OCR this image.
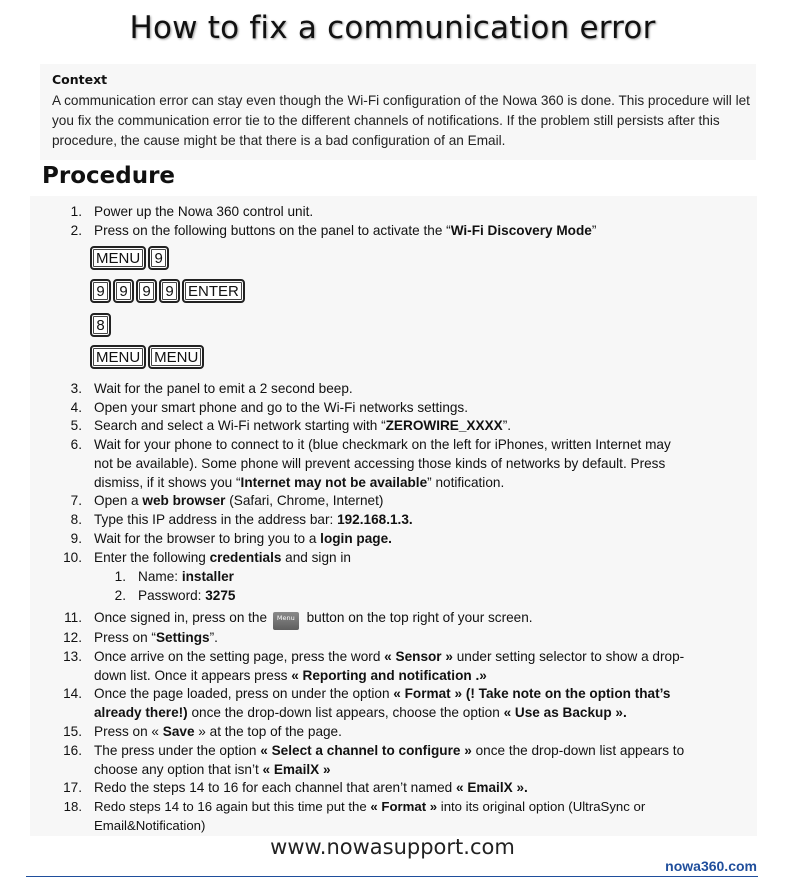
How to fix a communication error
Context
A communication error can stay even though the Wi-Fi configuration of the Nowa 360 is done. This procedure will let you fix the communication error tie to the different channels of notifications. If the problem still persists after this procedure, the cause might be that there is a bad configuration of an Email.
Procedure
1. Power up the Nowa 360 control unit.
2. Press on the following buttons on the panel to activate the “Wi-Fi Discovery Mode”
MENU 9
9 9 9 9 ENTER
8
MENU MENU
3. Wait for the panel to emit a 2 second beep.
4. Open your smart phone and go to the Wi-Fi networks settings.
5. Search and select a Wi-Fi network starting with “ZEROWIRE_XXXX”.
6. Wait for your phone to connect to it (blue checkmark on the left for iPhones, written Internet may
not be available). Some phone will prevent accessing those kinds of networks by default. Press
dismiss, if it shows you “Internet may not be available” notification.
7. Open a web browser (Safari, Chrome, Internet)
8. Type this IP address in the address bar: 192.168.1.3.
9. Wait for the browser to bring you to a login page.
10. Enter the following credentials and sign in
1. Name: installer
2. Password: 3275
11. Once signed in, press on the Menu button on the top right of your screen.
12. Press on “Settings”.
13. Once arrive on the setting page, press the word « Sensor » under setting selector to show a drop-
down list. Once it appears press « Reporting and notification .»
14. Once the page loaded, press on under the option « Format » (! Take note on the option that’s
already there!) once the drop-down list appears, choose the option « Use as Backup ».
15. Press on « Save » at the top of the page.
16. The press under the option « Select a channel to configure » once the drop-down list appears to
choose any option that isn’t « EmailX »
17. Redo the steps 14 to 16 for each channel that aren’t named « EmailX ».
18. Redo steps 14 to 16 again but this time put the « Format » into its original option (UltraSync or
Email&Notification)
www.nowasupport.com
nowa360.com
